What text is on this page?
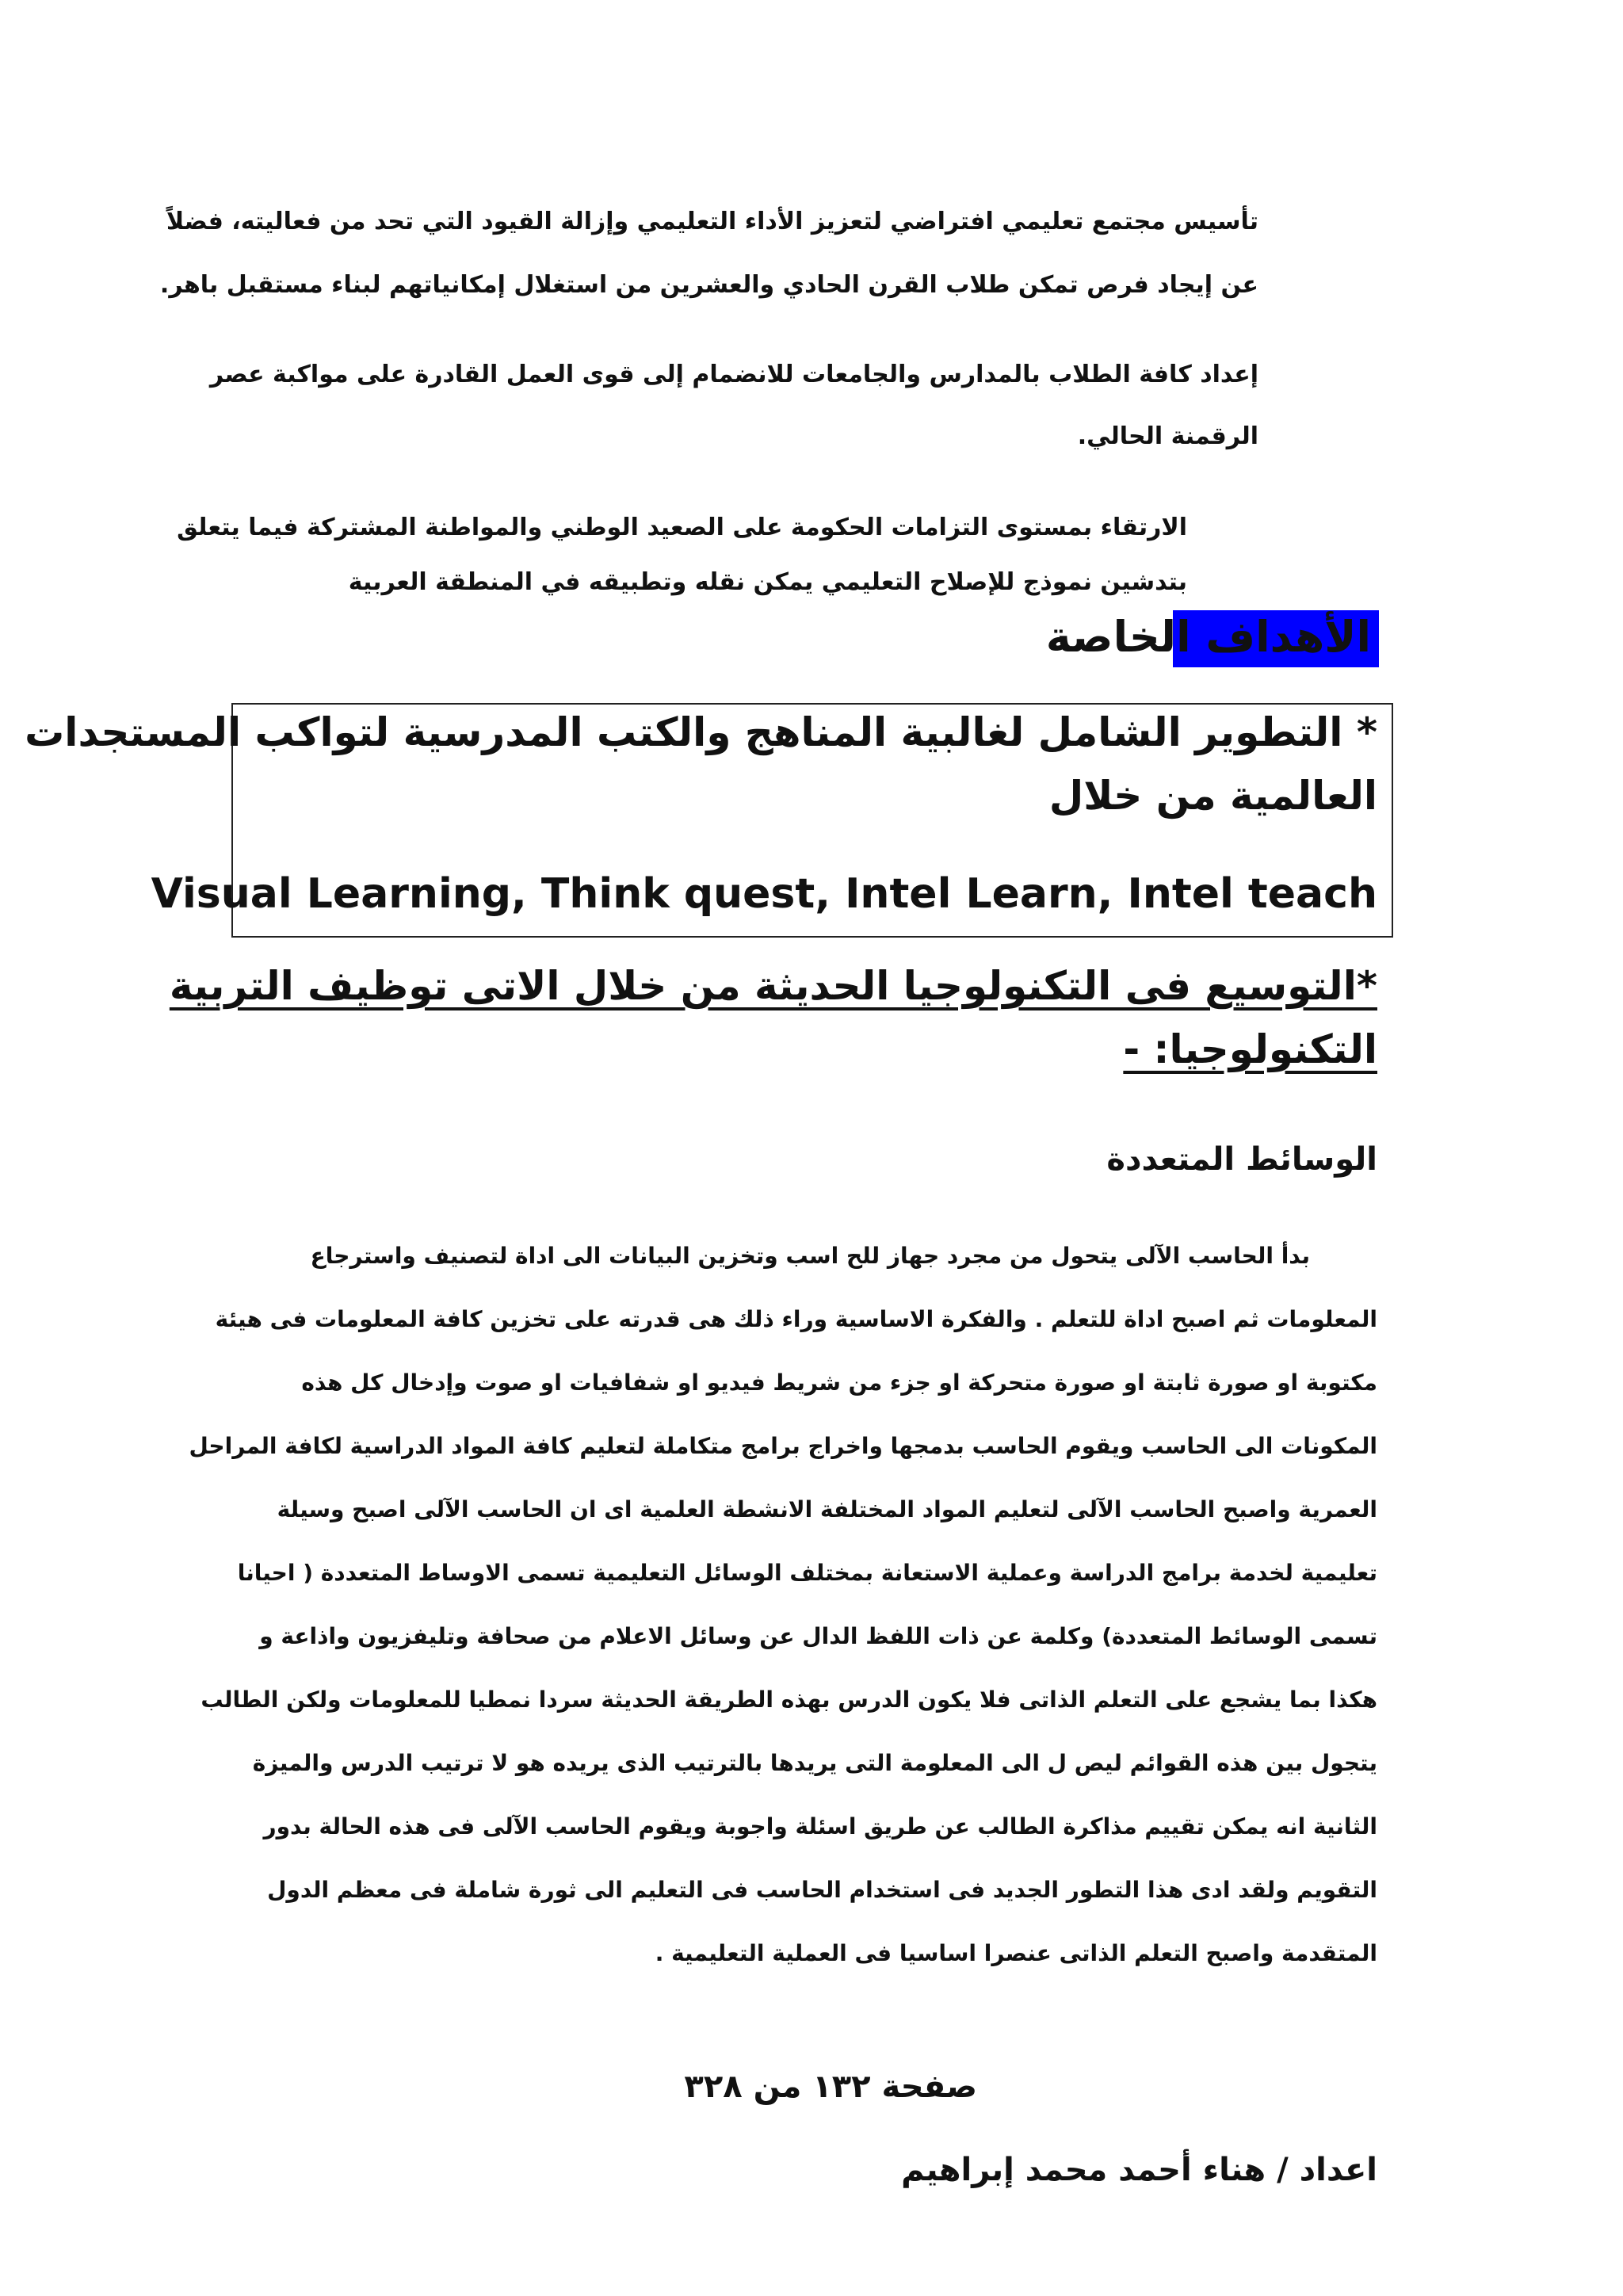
تأسيس مجتمع تعليمي افتراضي لتعزيز الأداء التعليمي وإزالة القيود التي تحد من فعاليته، فضلاً
عن إيجاد فرص تمكن طلاب القرن الحادي والعشرين من استغلال إمكانياتهم لبناء مستقبل باهر.
إعداد كافة الطلاب بالمدارس والجامعات للانضمام إلى قوى العمل القادرة على مواكبة عصر
الرقمنة الحالي.
الارتقاء بمستوى التزامات الحكومة على الصعيد الوطني والمواطنة المشتركة فيما يتعلق
بتدشين نموذج للإصلاح التعليمي يمكن نقله وتطبيقه في المنطقة العربية
الأهداف الخاصة
* التطوير الشامل لغالبية المناهج والكتب المدرسية لتواكب المستجدات
العالمية من خلال
Visual Learning, Think quest, Intel Learn, Intel teach
*التوسيع فى التكنولوجيا الحديثة من خلال الاتى توظيف التربية
التكنولوجيا: -
الوسائط المتعددة
بدأ الحاسب الآلى يتحول من مجرد جهاز للح اسب وتخزين البيانات الى اداة لتصنيف واسترجاع
المعلومات ثم اصبح اداة للتعلم . والفكرة الاساسية وراء ذلك هى قدرته على تخزين كافة المعلومات فى هيئة
مكتوبة او صورة ثابتة او صورة متحركة او جزء من شريط فيديو او شفافيات او صوت وإدخال كل هذه
المكونات الى الحاسب ويقوم الحاسب بدمجها واخراج برامج متكاملة لتعليم كافة المواد الدراسية لكافة المراحل
العمرية واصبح الحاسب الآلى لتعليم المواد المختلفة الانشطة العلمية اى ان الحاسب الآلى اصبح وسيلة
تعليمية لخدمة برامج الدراسة وعملية الاستعانة بمختلف الوسائل التعليمية تسمى الاوساط المتعددة ( احيانا
تسمى الوسائط المتعددة) وكلمة عن ذات اللفظ الدال عن وسائل الاعلام من صحافة وتليفزيون واذاعة و
هكذا بما يشجع على التعلم الذاتى فلا يكون الدرس بهذه الطريقة الحديثة سردا نمطيا للمعلومات ولكن الطالب
يتجول بين هذه القوائم ليص ل الى المعلومة التى يريدها بالترتيب الذى يريده هو لا ترتيب الدرس والميزة
الثانية انه يمكن تقييم مذاكرة الطالب عن طريق اسئلة واجوبة ويقوم الحاسب الآلى فى هذه الحالة بدور
التقويم ولقد ادى هذا التطور الجديد فى استخدام الحاسب فى التعليم الى ثورة شاملة فى معظم الدول
المتقدمة واصبح التعلم الذاتى عنصرا اساسيا فى العملية التعليمية .
صفحة ١٣٢ من ٣٢٨
اعداد / هناء أحمد محمد إبراهيم
